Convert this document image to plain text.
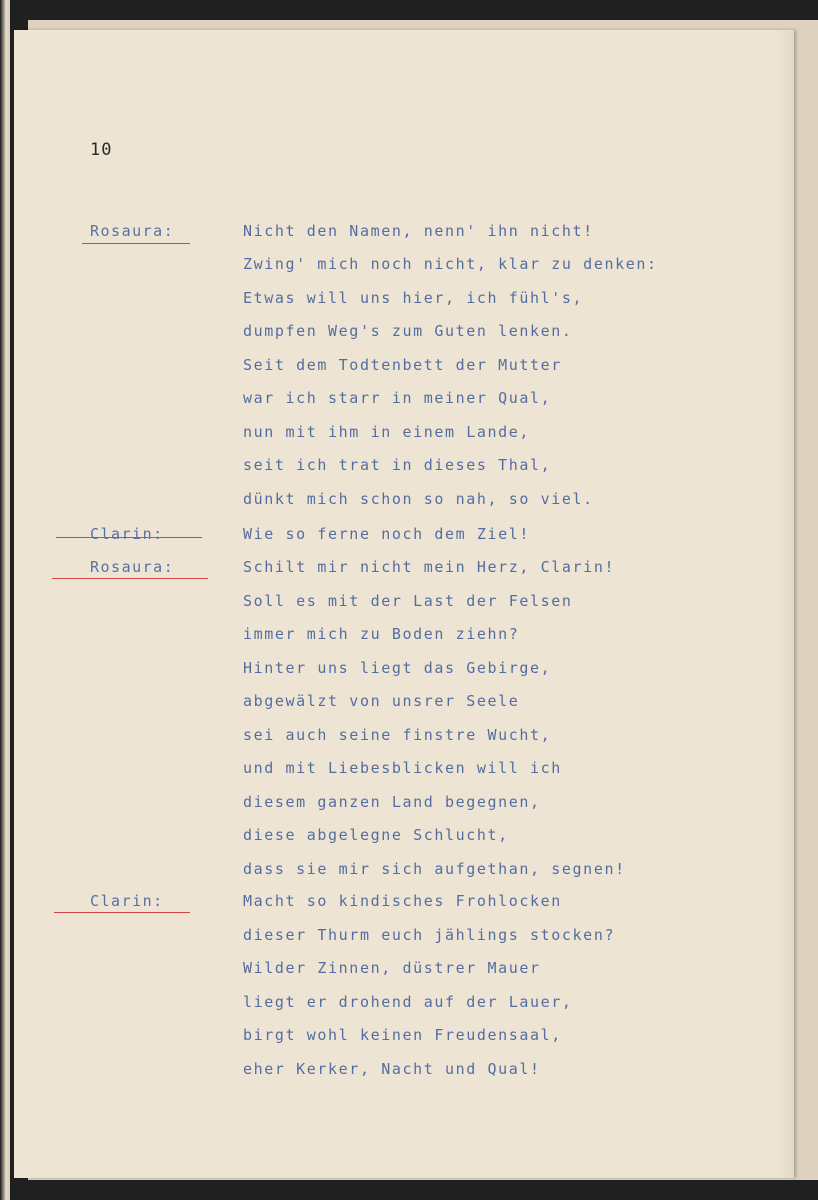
10
Rosaura:
Clarin:
Rosaura:
Clarin:
Nicht den Namen, nenn' ihn nicht!
Zwing' mich noch nicht, klar zu denken:
Etwas will uns hier, ich fühl's,
dumpfen Weg's zum Guten lenken.
Seit dem Todtenbett der Mutter
war ich starr in meiner Qual,
nun mit ihm in einem Lande,
seit ich trat in dieses Thal,
dünkt mich schon so nah, so viel.
Wie so ferne noch dem Ziel!
Schilt mir nicht mein Herz, Clarin!
Soll es mit der Last der Felsen
immer mich zu Boden ziehn?
Hinter uns liegt das Gebirge,
abgewälzt von unsrer Seele
sei auch seine finstre Wucht,
und mit Liebesblicken will ich
diesem ganzen Land begegnen,
diese abgelegne Schlucht,
dass sie mir sich aufgethan, segnen!
Macht so kindisches Frohlocken
dieser Thurm euch jählings stocken?
Wilder Zinnen, düstrer Mauer
liegt er drohend auf der Lauer,
birgt wohl keinen Freudensaal,
eher Kerker, Nacht und Qual!
